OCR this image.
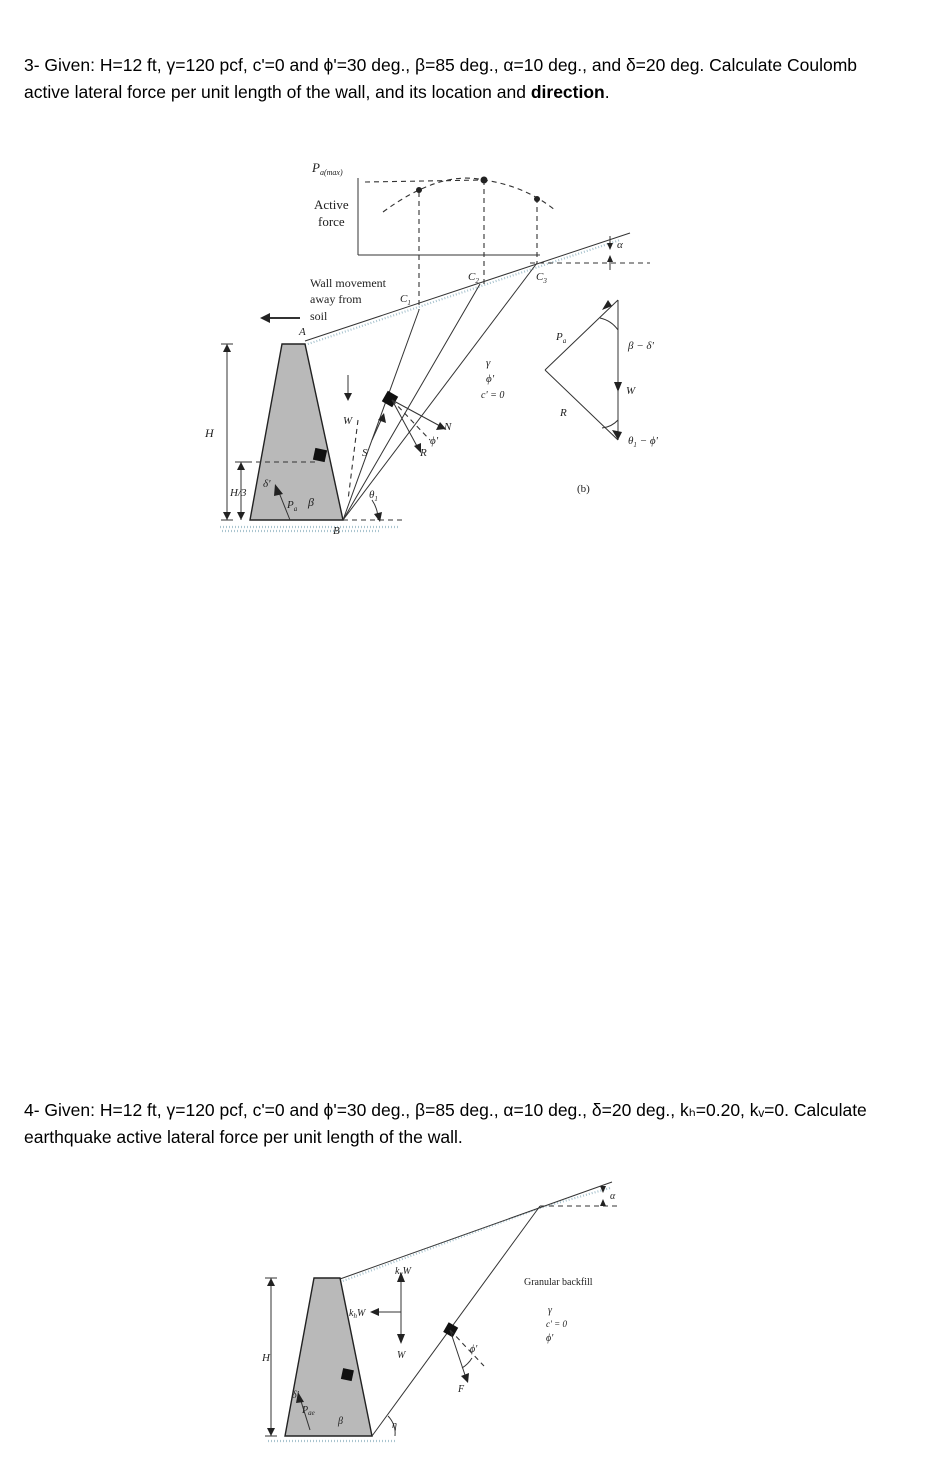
3- Given: H=12 ft, γ=120 pcf, c'=0 and ϕ'=30 deg., β=85 deg., α=10 deg., and δ=20 deg. Calculate Coulomb active lateral force per unit length of the wall, and its location and direction.

$P_{a(max)}$
Active
force
Wall movement
away from
soil
A
B
β
δ'
$P_a$
W
S	R
N
ϕ'
$\theta_1$
H
H/3
$C_1$
$C_2$	$C_3$
α
γ
ϕ'
c' = 0
$P_a$
R
W
β − δ'
$\theta_1 - \phi'$
(b)

4- Given: H=12 ft, γ=120 pcf, c'=0 and ϕ'=30 deg., β=85 deg., α=10 deg., δ=20 deg., kₕ=0.20, kᵥ=0. Calculate earthquake active lateral force per unit length of the wall.

$k_vW$
$k_hW$
W
H
δ'
$P_{ae}$
β	η
F
ϕ'
α
Granular backfill
γ
c' = 0
ϕ'
